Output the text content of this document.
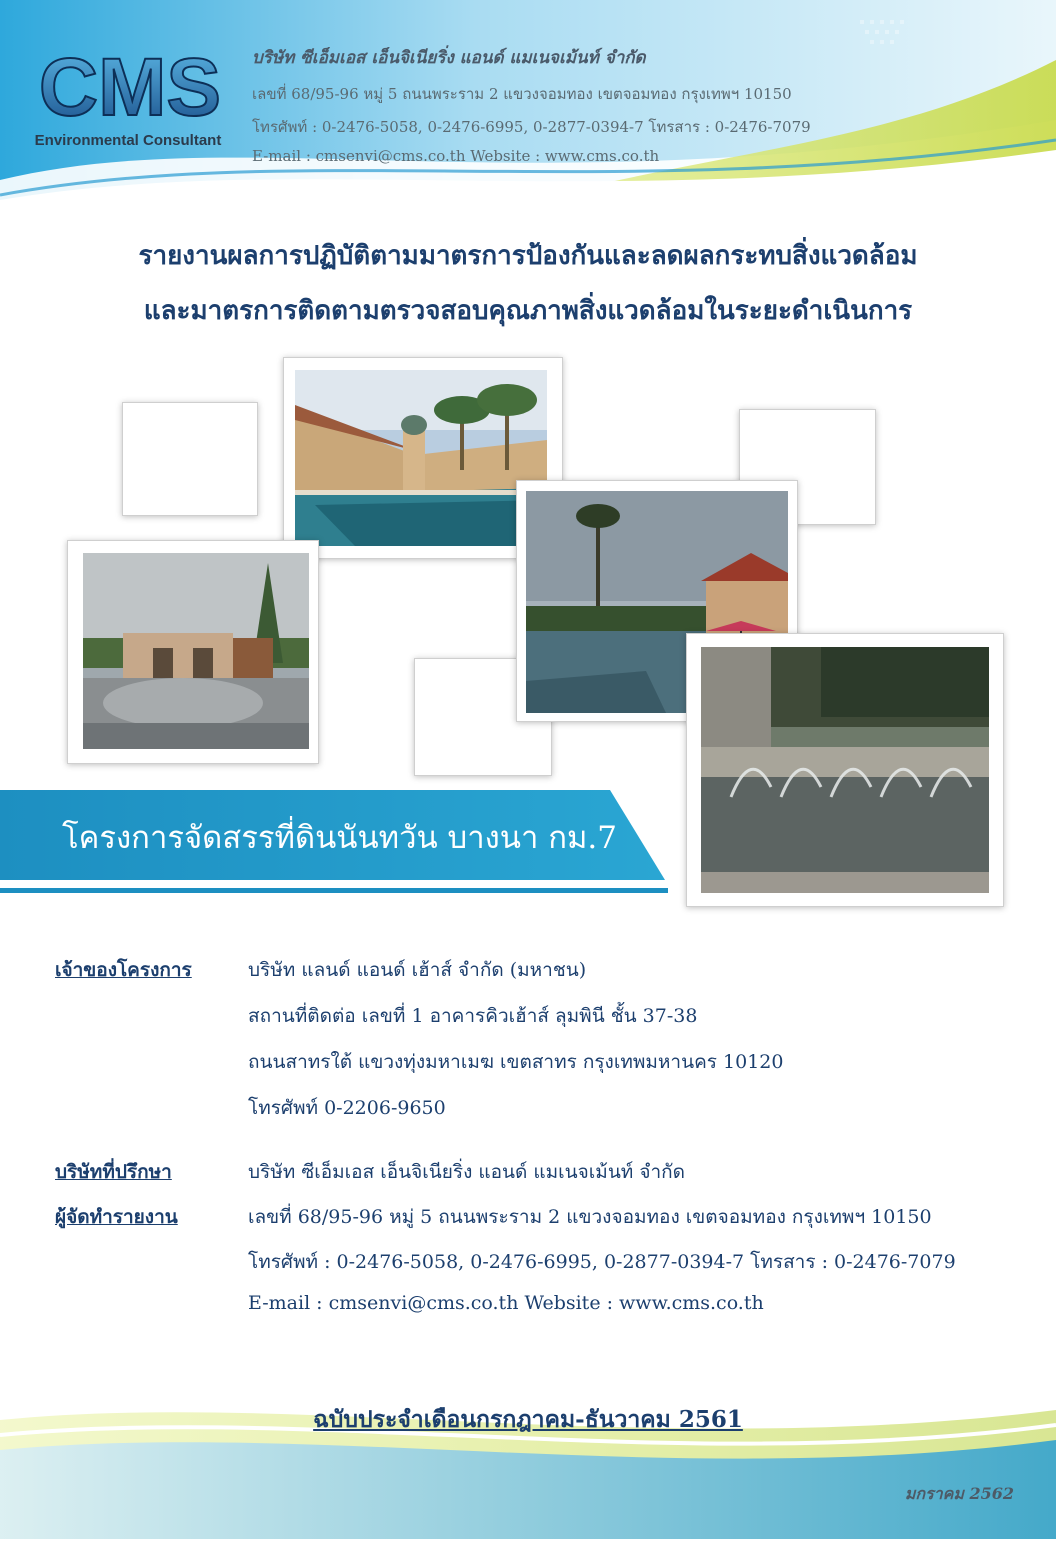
CMS
Environmental Consultant
บริษัท ซีเอ็มเอส เอ็นจิเนียริ่ง แอนด์ แมเนจเม้นท์ จำกัด
เลขที่ 68/95-96 หมู่ 5 ถนนพระราม 2 แขวงจอมทอง เขตจอมทอง กรุงเทพฯ 10150
โทรศัพท์ : 0-2476-5058, 0-2476-6995, 0-2877-0394-7 โทรสาร : 0-2476-7079
E-mail : cmsenvi@cms.co.th Website : www.cms.co.th
รายงานผลการปฏิบัติตามมาตรการป้องกันและลดผลกระทบสิ่งแวดล้อม
และมาตรการติดตามตรวจสอบคุณภาพสิ่งแวดล้อมในระยะดำเนินการ
โครงการจัดสรรที่ดินนันทวัน บางนา กม.7
เจ้าของโครงการ	บริษัท แลนด์ แอนด์ เฮ้าส์ จำกัด (มหาชน)
สถานที่ติดต่อ เลขที่ 1 อาคารคิวเฮ้าส์ ลุมพินี ชั้น 37-38
ถนนสาทรใต้ แขวงทุ่งมหาเมฆ เขตสาทร กรุงเทพมหานคร 10120
โทรศัพท์ 0-2206-9650
บริษัทที่ปรึกษา
ผู้จัดทำรายงาน
บริษัท ซีเอ็มเอส เอ็นจิเนียริ่ง แอนด์ แมเนจเม้นท์ จำกัด
เลขที่ 68/95-96 หมู่ 5 ถนนพระราม 2 แขวงจอมทอง เขตจอมทอง กรุงเทพฯ 10150
โทรศัพท์ : 0-2476-5058, 0-2476-6995, 0-2877-0394-7 โทรสาร : 0-2476-7079
E-mail : cmsenvi@cms.co.th Website : www.cms.co.th
ฉบับประจำเดือนกรกฎาคม-ธันวาคม 2561
มกราคม 2562
